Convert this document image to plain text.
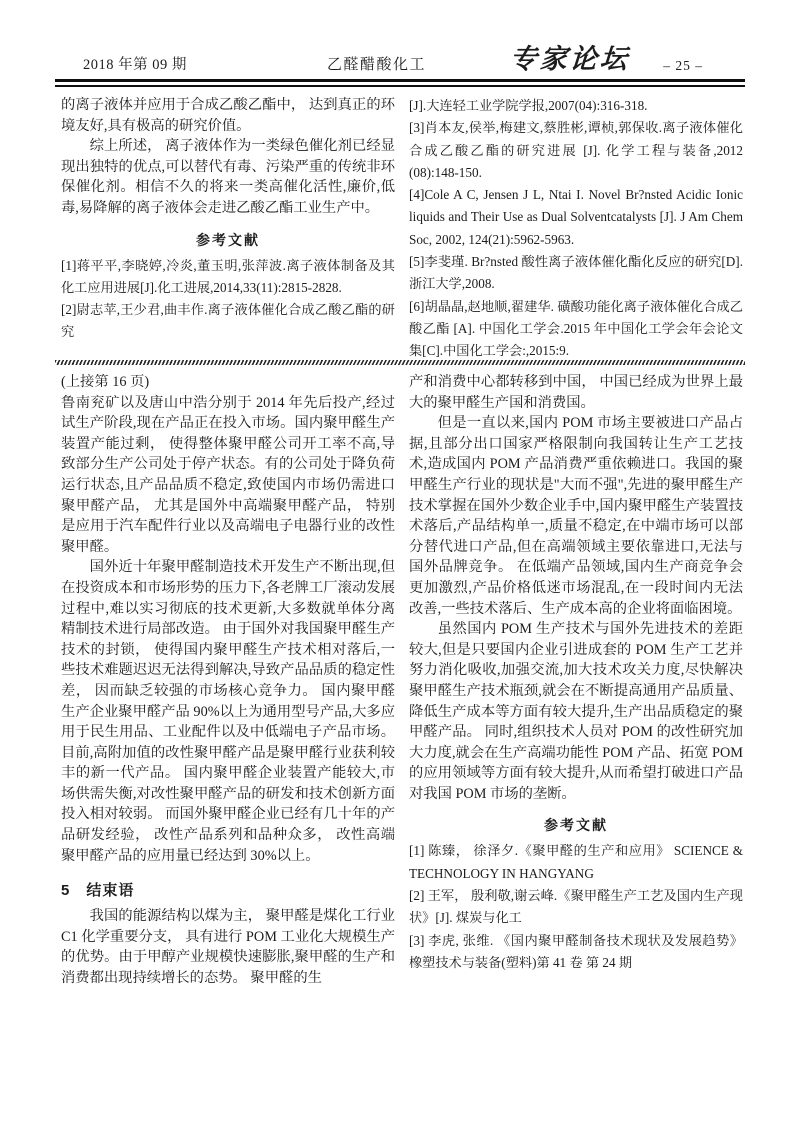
2018 年第 09 期	乙醛醋酸化工	专家论坛 – 25 –

的离子液体并应用于合成乙酸乙酯中， 达到真正的环境友好,具有极高的研究价值。

综上所述， 离子液体作为一类绿色催化剂已经显现出独特的优点,可以替代有毒、污染严重的传统非环保催化剂。相信不久的将来一类高催化活性,廉价,低毒,易降解的离子液体会走进乙酸乙酯工业生产中。

参考文献

[1]蒋平平,李晓婷,冷炎,董玉明,张萍波.离子液体制备及其化工应用进展[J].化工进展,2014,33(11):2815-2828.

[2]尉志苹,王少君,曲丰作.离子液体催化合成乙酸乙酯的研究

[J].大连轻工业学院学报,2007(04):316-318.

[3]肖本友,侯举,梅建文,蔡胜彬,谭桢,郭保收.离子液体催化合成乙酸乙酯的研究进展 [J]. 化学工程与装备,2012 (08):148-150.

[4]Cole A C, Jensen J L, Ntai I. Novel Br?nsted Acidic Ionic liquids and Their Use as Dual Solventcatalysts [J]. J Am Chem Soc, 2002, 124(21):5962-5963.

[5]李斐瑾. Br?nsted 酸性离子液体催化酯化反应的研究[D].浙江大学,2008.

[6]胡晶晶,赵地顺,翟建华. 磺酸功能化离子液体催化合成乙酸乙酯 [A]. 中国化工学会.2015 年中国化工学会年会论文集[C].中国化工学会:,2015:9.

(上接第 16 页)

鲁南兖矿以及唐山中浩分别于 2014 年先后投产,经过试生产阶段,现在产品正在投入市场。国内聚甲醛生产装置产能过剩， 使得整体聚甲醛公司开工率不高,导致部分生产公司处于停产状态。有的公司处于降负荷运行状态,且产品品质不稳定,致使国内市场仍需进口聚甲醛产品， 尤其是国外中高端聚甲醛产品， 特别是应用于汽车配件行业以及高端电子电器行业的改性聚甲醛。

国外近十年聚甲醛制造技术开发生产不断出现,但在投资成本和市场形势的压力下,各老牌工厂滚动发展过程中,难以实习彻底的技术更新,大多数就单体分离精制技术进行局部改造。 由于国外对我国聚甲醛生产技术的封锁， 使得国内聚甲醛生产技术相对落后,一些技术难题迟迟无法得到解决,导致产品品质的稳定性差， 因而缺乏较强的市场核心竞争力。 国内聚甲醛生产企业聚甲醛产品 90%以上为通用型号产品,大多应用于民生用品、工业配件以及中低端电子产品市场。目前,高附加值的改性聚甲醛产品是聚甲醛行业获利较丰的新一代产品。 国内聚甲醛企业装置产能较大,市场供需失衡,对改性聚甲醛产品的研发和技术创新方面投入相对较弱。 而国外聚甲醛企业已经有几十年的产品研发经验， 改性产品系列和品种众多， 改性高端聚甲醛产品的应用量已经达到 30%以上。

5　结束语

我国的能源结构以煤为主， 聚甲醛是煤化工行业 C1 化学重要分支， 具有进行 POM 工业化大规模生产的优势。由于甲醇产业规模快速膨胀,聚甲醛的生产和消费都出现持续增长的态势。 聚甲醛的生

产和消费中心都转移到中国， 中国已经成为世界上最大的聚甲醛生产国和消费国。

但是一直以来,国内 POM 市场主要被进口产品占据,且部分出口国家严格限制向我国转让生产工艺技术,造成国内 POM 产品消费严重依赖进口。我国的聚甲醛生产行业的现状是"大而不强",先进的聚甲醛生产技术掌握在国外少数企业手中,国内聚甲醛生产装置技术落后,产品结构单一,质量不稳定,在中端市场可以部分替代进口产品,但在高端领域主要依靠进口,无法与国外品牌竞争。 在低端产品领域,国内生产商竞争会更加激烈,产品价格低迷市场混乱,在一段时间内无法改善,一些技术落后、生产成本高的企业将面临困境。

虽然国内 POM 生产技术与国外先进技术的差距较大,但是只要国内企业引进成套的 POM 生产工艺并努力消化吸收,加强交流,加大技术攻关力度,尽快解决聚甲醛生产技术瓶颈,就会在不断提高通用产品质量、降低生产成本等方面有较大提升,生产出品质稳定的聚甲醛产品。 同时,组织技术人员对 POM 的改性研究加大力度,就会在生产高端功能性 POM 产品、拓宽 POM 的应用领域等方面有较大提升,从而希望打破进口产品对我国 POM 市场的垄断。

参考文献

[1] 陈臻， 徐泽夕.《聚甲醛的生产和应用》 SCIENCE & TECHNOLOGY IN HANGYANG

[2] 王军， 殷利敬,谢云峰.《聚甲醛生产工艺及国内生产现状》[J]. 煤炭与化工

[3] 李虎, 张维. 《国内聚甲醛制备技术现状及发展趋势》橡塑技术与装备(塑料)第 41 卷 第 24 期
